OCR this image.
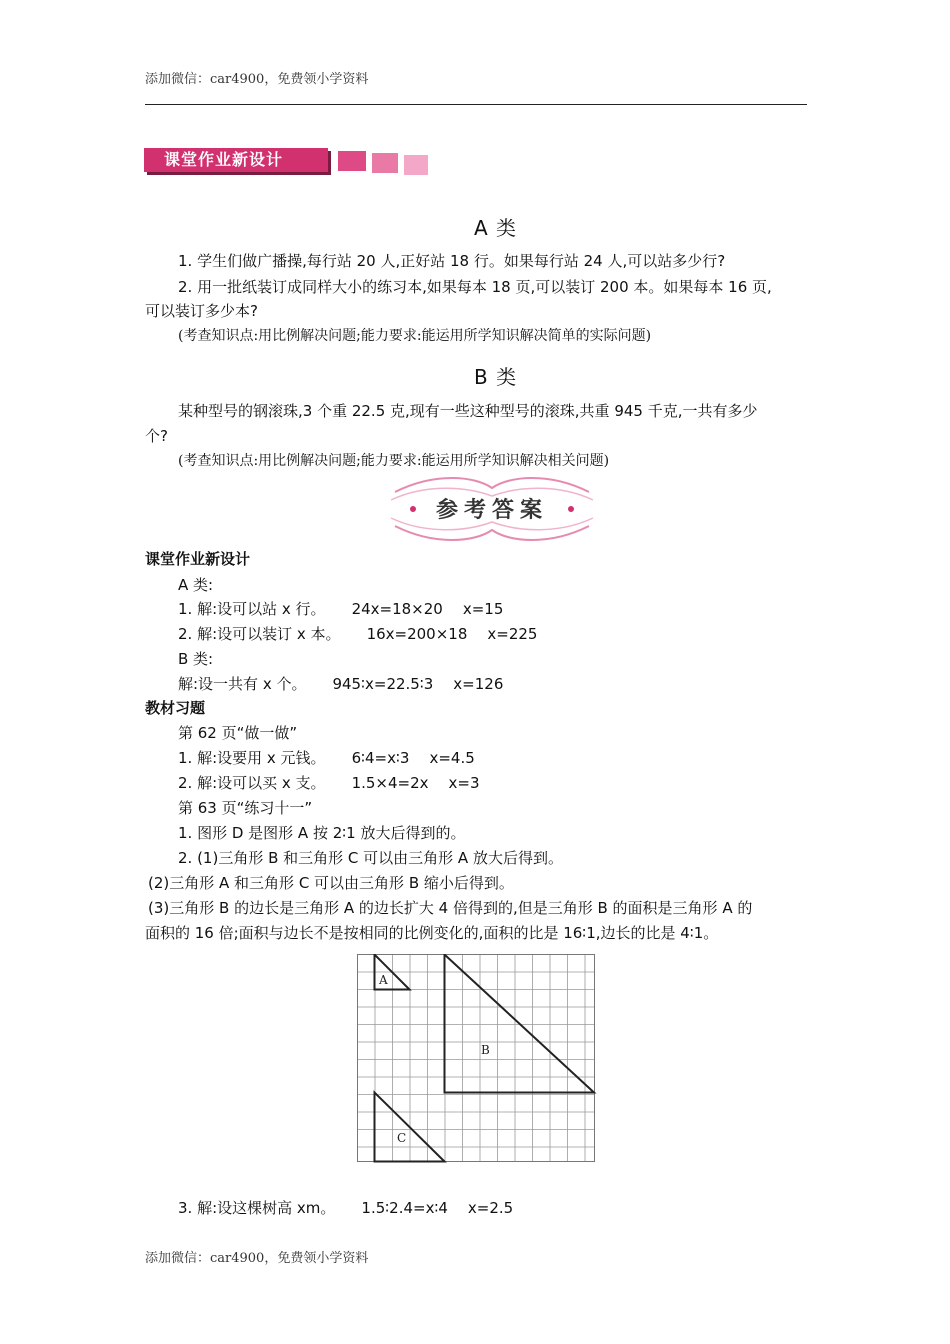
添加微信：car4900，免费领小学资料
课堂作业新设计
A 类
1. 学生们做广播操,每行站 20 人,正好站 18 行。如果每行站 24 人,可以站多少行?
2. 用一批纸装订成同样大小的练习本,如果每本 18 页,可以装订 200 本。如果每本 16 页,
可以装订多少本?
(考查知识点:用比例解决问题;能力要求:能运用所学知识解决简单的实际问题)
B 类
某种型号的钢滚珠,3 个重 22.5 克,现有一些这种型号的滚珠,共重 945 千克,一共有多少
个?
(考查知识点:用比例解决问题;能力要求:能运用所学知识解决相关问题)
参考答案
课堂作业新设计
A 类:
1. 解:设可以站 x 行。 24x=18×20 x=15
2. 解:设可以装订 x 本。 16x=200×18 x=225
B 类:
解:设一共有 x 个。 945∶x=22.5∶3 x=126
教材习题
第 62 页“做一做”
1. 解:设要用 x 元钱。 6∶4=x∶3 x=4.5
2. 解:设可以买 x 支。 1.5×4=2x x=3
第 63 页“练习十一”
1. 图形 D 是图形 A 按 2∶1 放大后得到的。
2. (1)三角形 B 和三角形 C 可以由三角形 A 放大后得到。
(2)三角形 A 和三角形 C 可以由三角形 B 缩小后得到。
(3)三角形 B 的边长是三角形 A 的边长扩大 4 倍得到的,但是三角形 B 的面积是三角形 A 的
面积的 16 倍;面积与边长不是按相同的比例变化的,面积的比是 16∶1,边长的比是 4∶1。
A
B
C
3. 解:设这棵树高 xm。 1.5∶2.4=x∶4 x=2.5
添加微信：car4900，免费领小学资料
